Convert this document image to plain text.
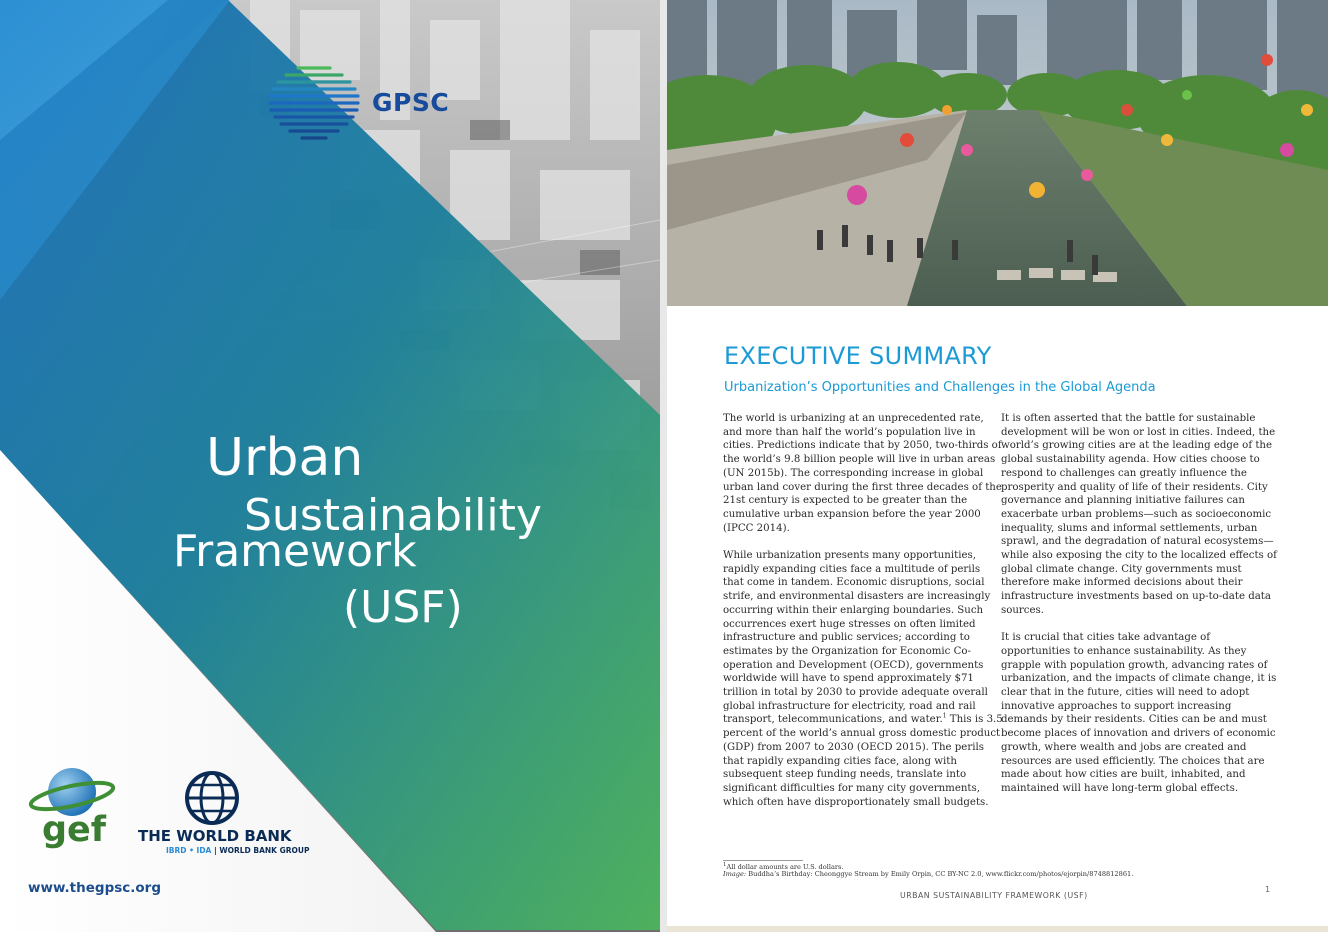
GPSC
Urban
Sustainability
Framework
(USF)
gef THE WORLD BANK
IBRD • IDA | WORLD BANK GROUP
www.thegpsc.org
EXECUTIVE SUMMARY
Urbanization’s Opportunities and Challenges in the Global Agenda

The world is urbanizing at an unprecedented rate, and more than half the world’s population live in cities. Predictions indicate that by 2050, two-thirds of the world’s 9.8 billion people will live in urban areas (UN 2015b). The corresponding increase in global urban land cover during the first three decades of the 21st century is expected to be greater than the cumulative urban expansion before the year 2000 (IPCC 2014).

While urbanization presents many opportunities, rapidly expanding cities face a multitude of perils that come in tandem. Economic disruptions, social strife, and environmental disasters are increasingly occurring within their enlarging boundaries. Such occurrences exert huge stresses on often limited infrastructure and public services; according to estimates by the Organization for Economic Co-operation and Development (OECD), governments worldwide will have to spend approximately $71 trillion in total by 2030 to provide adequate overall global infrastructure for electricity, road and rail transport, telecommunications, and water.$^1$ This is 3.5 percent of the world’s annual gross domestic product (GDP) from 2007 to 2030 (OECD 2015). The perils that rapidly expanding cities face, along with subsequent steep funding needs, translate into significant difficulties for many city governments, which often have disproportionately small budgets.

It is often asserted that the battle for sustainable development will be won or lost in cities. Indeed, the world’s growing cities are at the leading edge of the global sustainability agenda. How cities choose to respond to challenges can greatly influence the prosperity and quality of life of their residents. City governance and planning initiative failures can exacerbate urban problems—such as socioeconomic inequality, slums and informal settlements, urban sprawl, and the degradation of natural ecosystems—while also exposing the city to the localized effects of global climate change. City governments must therefore make informed decisions about their infrastructure investments based on up-to-date data sources.

It is crucial that cities take advantage of opportunities to enhance sustainability. As they grapple with population growth, advancing rates of urbanization, and the impacts of climate change, it is clear that in the future, cities will need to adopt innovative approaches to support increasing demands by their residents. Cities can be and must become places of innovation and drivers of economic growth, where wealth and jobs are created and resources are used efficiently. The choices that are made about how cities are built, inhabited, and maintained will have long-term global effects.

$^1$All dollar amounts are U.S. dollars.
Image: Buddha’s Birthday: Cheonggye Stream by Emily Orpin, CC BY-NC 2.0, www.flickr.com/photos/ejorpin/8748812861.
1
URBAN SUSTAINABILITY FRAMEWORK (USF)
